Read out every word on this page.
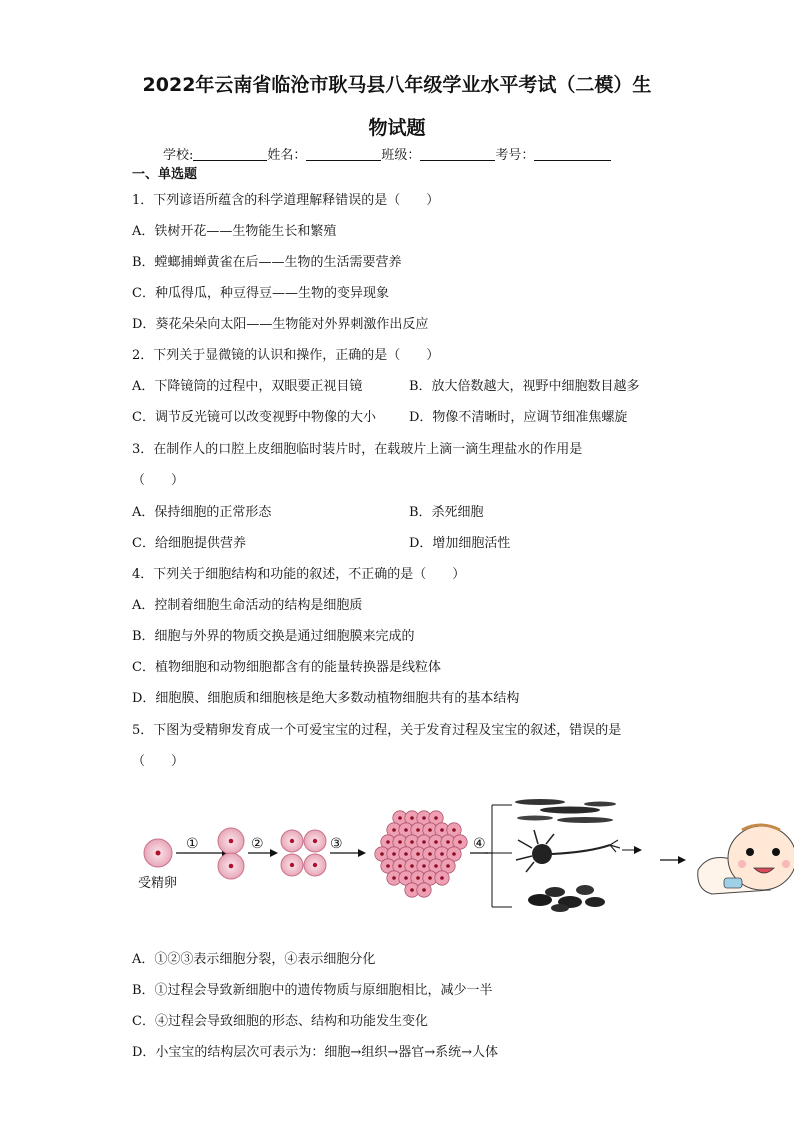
2022年云南省临沧市耿马县八年级学业水平考试（二模）生
物试题
学校:	姓名：	班级：	考号：
一、单选题
1．下列谚语所蕴含的科学道理解释错误的是（　　）
A．铁树开花——生物能生长和繁殖
B．螳螂捕蝉黄雀在后——生物的生活需要营养
C．种瓜得瓜，种豆得豆——生物的变异现象
D．葵花朵朵向太阳——生物能对外界刺激作出反应
2．下列关于显微镜的认识和操作，正确的是（　　）
A．下降镜筒的过程中，双眼要正视目镜	B．放大倍数越大，视野中细胞数目越多
C．调节反光镜可以改变视野中物像的大小	D．物像不清晰时，应调节细准焦螺旋
3．在制作人的口腔上皮细胞临时装片时，在载玻片上滴一滴生理盐水的作用是
（　　）
A．保持细胞的正常形态	B．杀死细胞
C．给细胞提供营养	D．增加细胞活性
4．下列关于细胞结构和功能的叙述，不正确的是（　　）
A．控制着细胞生命活动的结构是细胞质
B．细胞与外界的物质交换是通过细胞膜来完成的
C．植物细胞和动物细胞都含有的能量转换器是线粒体
D．细胞膜、细胞质和细胞核是绝大多数动植物细胞共有的基本结构
5．下图为受精卵发育成一个可爱宝宝的过程，关于发育过程及宝宝的叙述，错误的是
（　　）
受精卵
①	②	③	④
A．①②③表示细胞分裂，④表示细胞分化
B．①过程会导致新细胞中的遗传物质与原细胞相比，减少一半
C．④过程会导致细胞的形态、结构和功能发生变化
D．小宝宝的结构层次可表示为：细胞→组织→器官→系统→人体
